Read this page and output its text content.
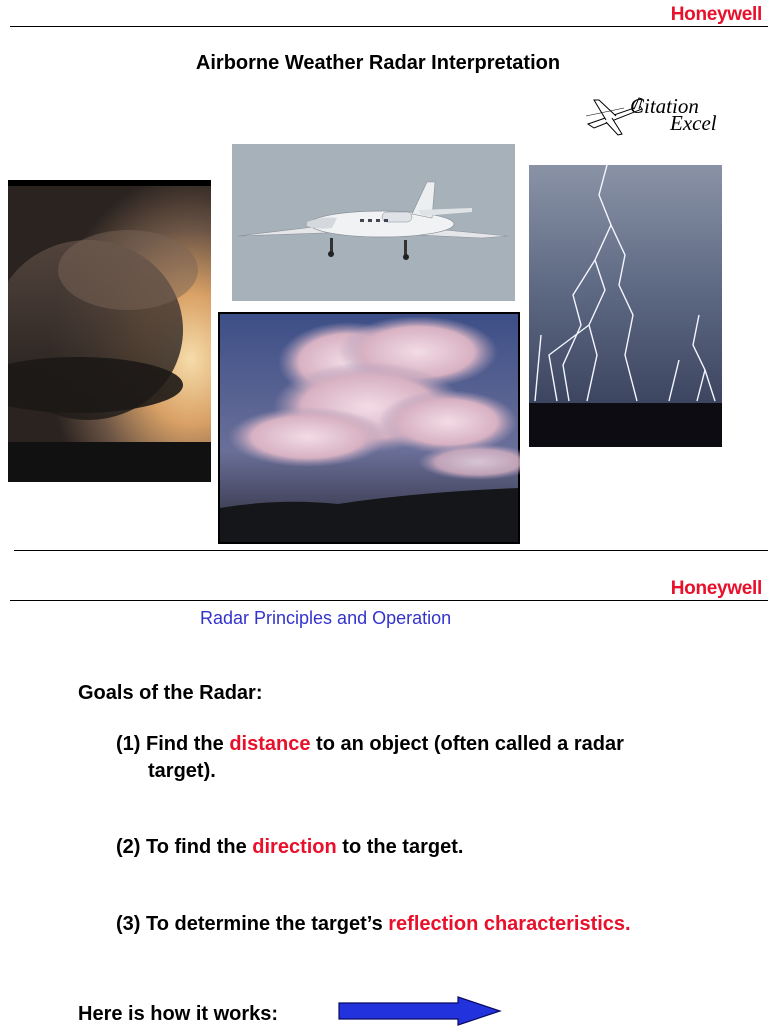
Honeywell
Airborne Weather Radar Interpretation
Citation
Excel
Honeywell
Radar Principles and Operation
Goals of the Radar:
(1) Find the distance to an object (often called a radar
target).
(2) To find the direction to the target.
(3) To determine the target’s reflection characteristics.
Here is how it works:
